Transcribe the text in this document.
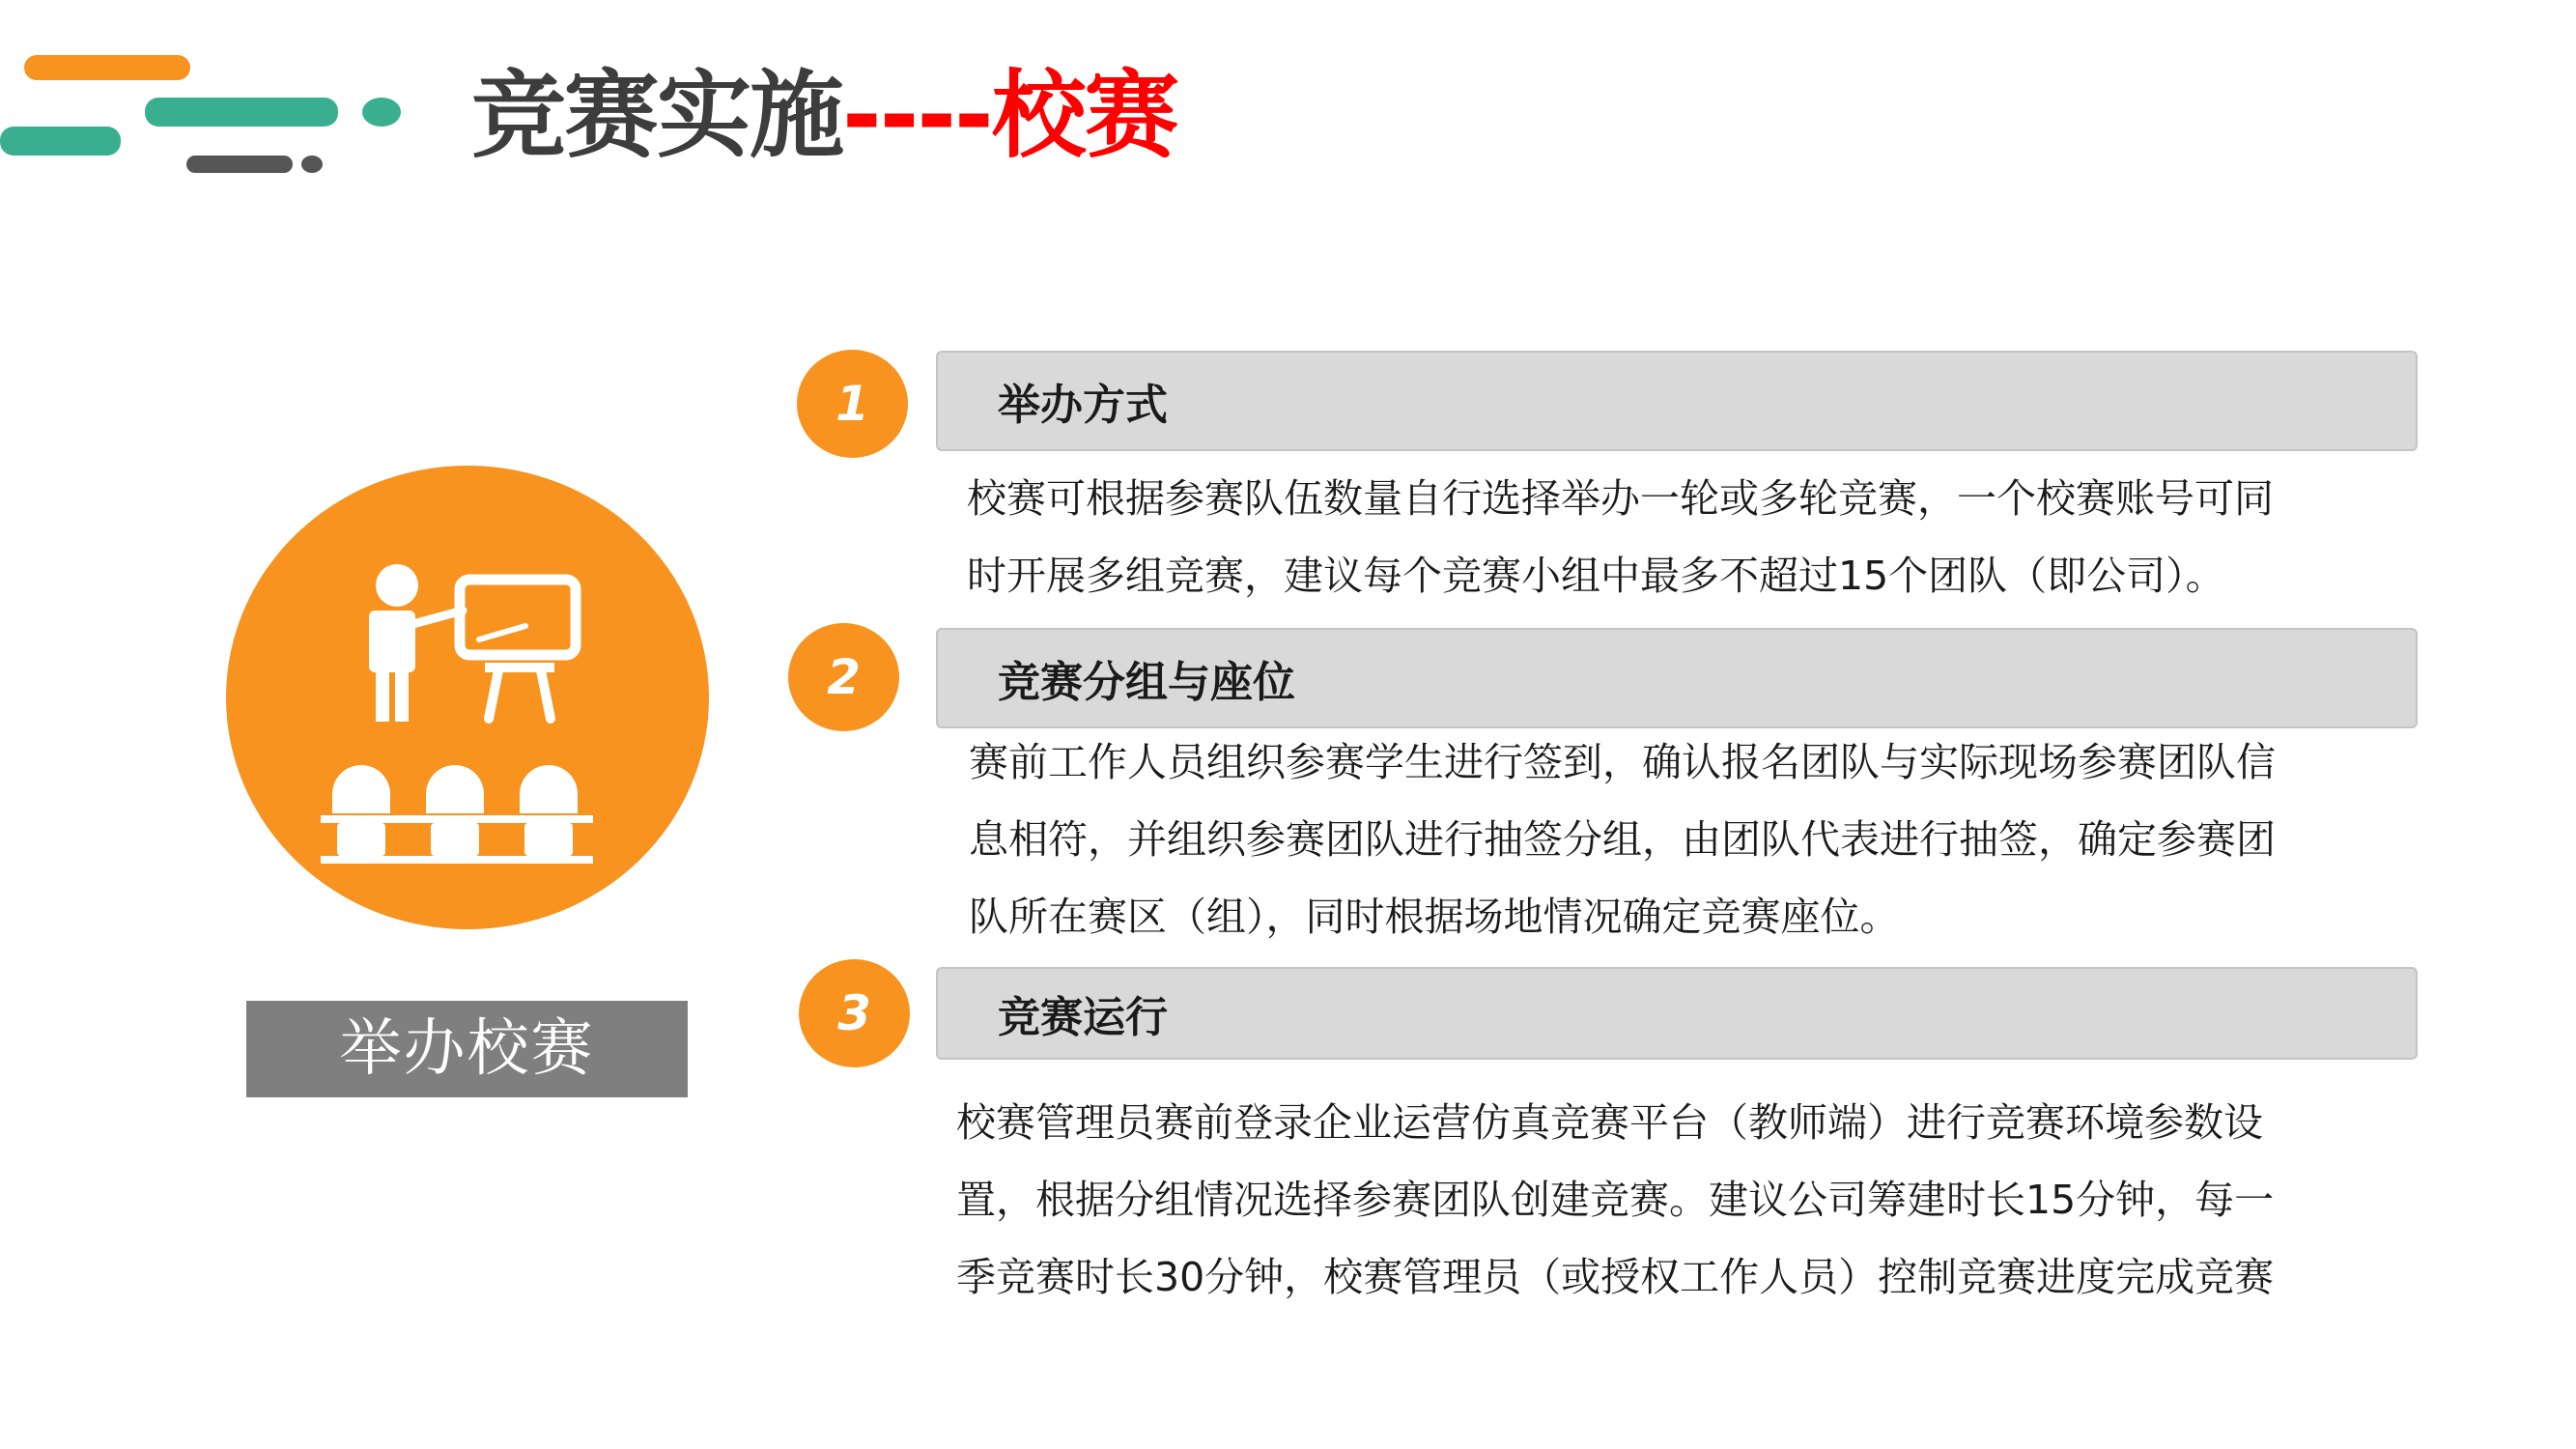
竞赛实施----校赛
举办校赛
1	举办方式
校赛可根据参赛队伍数量自行选择举办一轮或多轮竞赛，一个校赛账号可同
时开展多组竞赛，建议每个竞赛小组中最多不超过15个团队（即公司）。
2	竞赛分组与座位
赛前工作人员组织参赛学生进行签到，确认报名团队与实际现场参赛团队信
息相符，并组织参赛团队进行抽签分组，由团队代表进行抽签，确定参赛团
队所在赛区（组），同时根据场地情况确定竞赛座位。
3	竞赛运行
校赛管理员赛前登录企业运营仿真竞赛平台（教师端）进行竞赛环境参数设
置，根据分组情况选择参赛团队创建竞赛。建议公司筹建时长15分钟，每一
季竞赛时长30分钟，校赛管理员（或授权工作人员）控制竞赛进度完成竞赛
